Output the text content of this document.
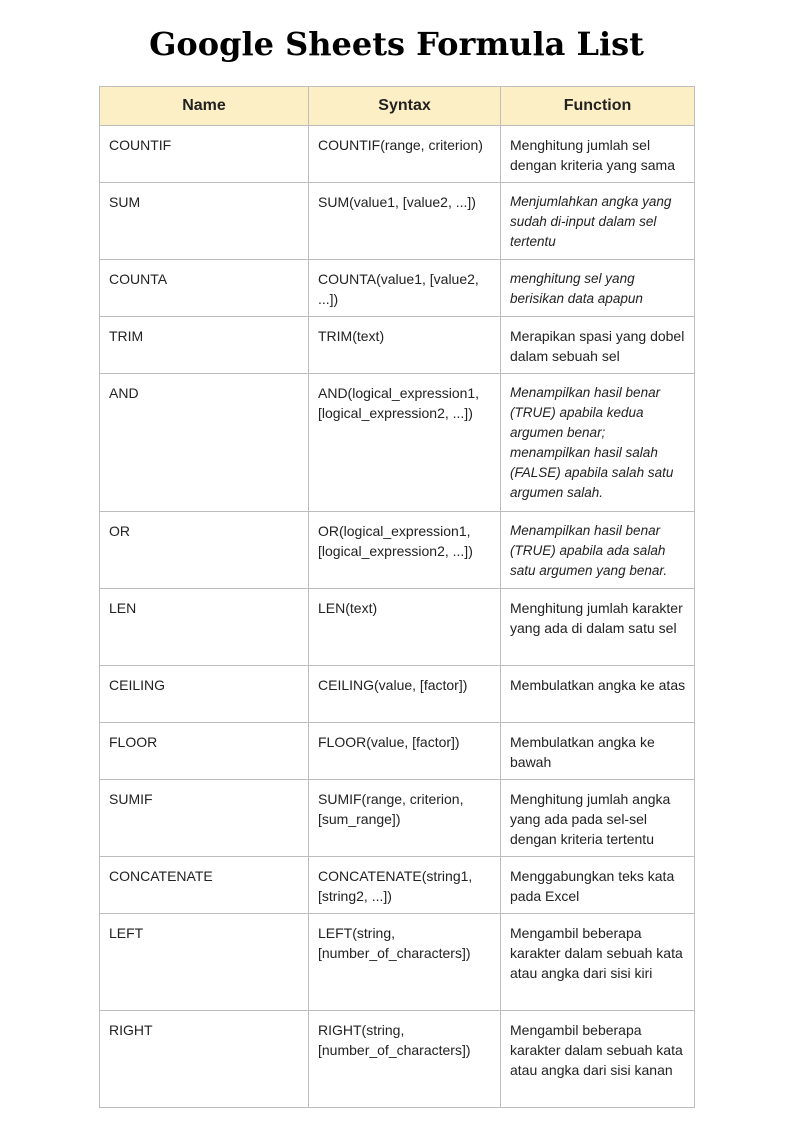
Google Sheets Formula List
Name	Syntax	Function
COUNTIF	COUNTIF(range, criterion)	Menghitung jumlah sel dengan kriteria yang sama
SUM	SUM(value1, [value2, ...])	Menjumlahkan angka yang sudah di-input dalam sel tertentu
COUNTA	COUNTA(value1, [value2, ...])	menghitung sel yang berisikan data apapun
TRIM	TRIM(text)	Merapikan spasi yang dobel dalam sebuah sel
AND	AND(logical_expression1, [logical_expression2, ...])	Menampilkan hasil benar (TRUE) apabila kedua argumen benar; menampilkan hasil salah (FALSE) apabila salah satu argumen salah.
OR	OR(logical_expression1, [logical_expression2, ...])	Menampilkan hasil benar (TRUE) apabila ada salah satu argumen yang benar.
LEN	LEN(text)	Menghitung jumlah karakter yang ada di dalam satu sel
CEILING	CEILING(value, [factor])	Membulatkan angka ke atas
FLOOR	FLOOR(value, [factor])	Membulatkan angka ke bawah
SUMIF	SUMIF(range, criterion, [sum_range])	Menghitung jumlah angka yang ada pada sel-sel dengan kriteria tertentu
CONCATENATE	CONCATENATE(string1, [string2, ...])	Menggabungkan teks kata pada Excel
LEFT	LEFT(string, [number_of_characters])	Mengambil beberapa karakter dalam sebuah kata atau angka dari sisi kiri
RIGHT	RIGHT(string, [number_of_characters])	Mengambil beberapa karakter dalam sebuah kata atau angka dari sisi kanan
